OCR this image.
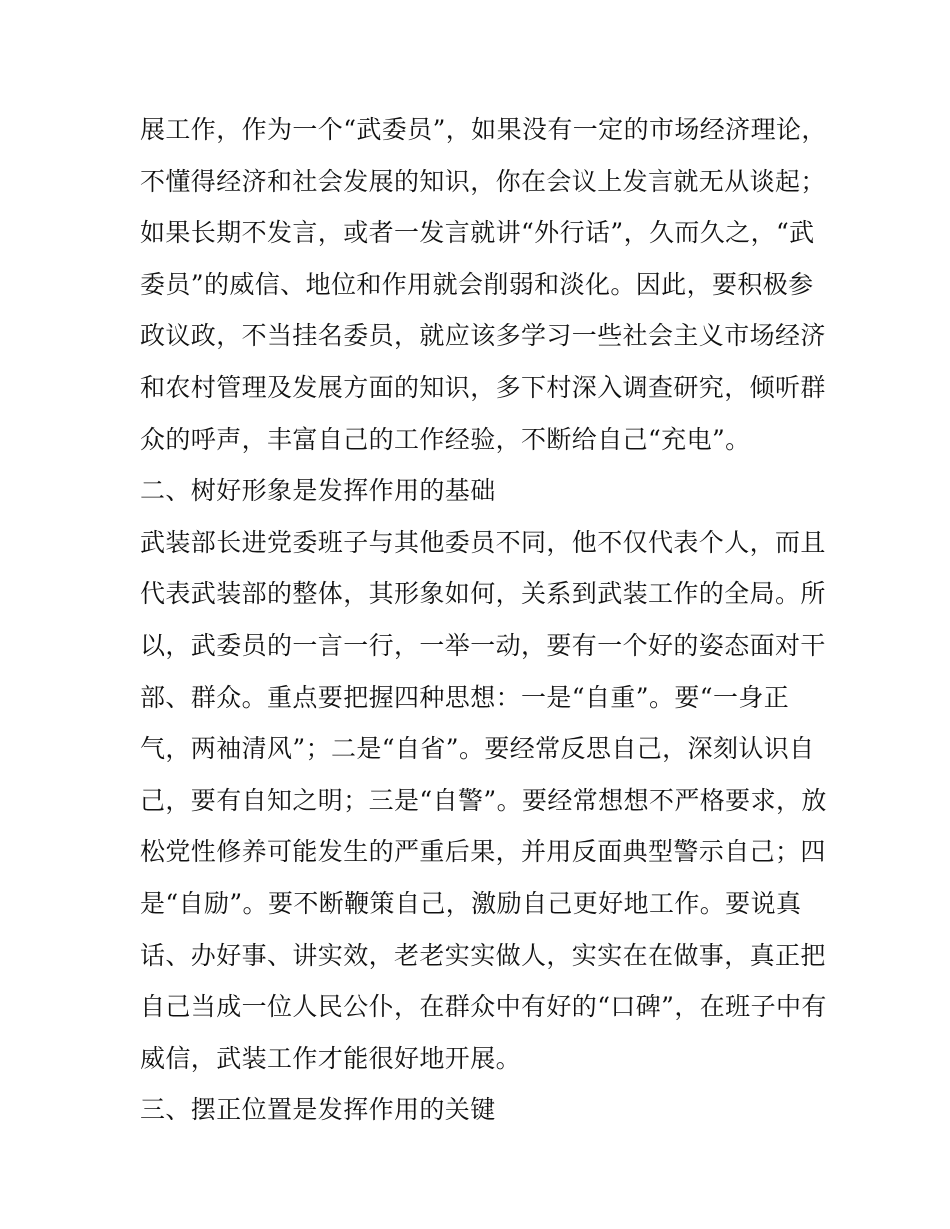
展工作，作为一个“武委员”，如果没有一定的市场经济理论，
不懂得经济和社会发展的知识，你在会议上发言就无从谈起；
如果长期不发言，或者一发言就讲“外行话”，久而久之，“武
委员”的威信、地位和作用就会削弱和淡化。因此，要积极参
政议政，不当挂名委员，就应该多学习一些社会主义市场经济
和农村管理及发展方面的知识，多下村深入调查研究，倾听群
众的呼声，丰富自己的工作经验，不断给自己“充电”。
二、树好形象是发挥作用的基础
武装部长进党委班子与其他委员不同，他不仅代表个人，而且
代表武装部的整体，其形象如何，关系到武装工作的全局。所
以，武委员的一言一行，一举一动，要有一个好的姿态面对干
部、群众。重点要把握四种思想：一是“自重”。要“一身正
气，两袖清风”；二是“自省”。要经常反思自己，深刻认识自
己，要有自知之明；三是“自警”。要经常想想不严格要求，放
松党性修养可能发生的严重后果，并用反面典型警示自己；四
是“自励”。要不断鞭策自己，激励自己更好地工作。要说真
话、办好事、讲实效，老老实实做人，实实在在做事，真正把
自己当成一位人民公仆，在群众中有好的“口碑”，在班子中有
威信，武装工作才能很好地开展。
三、摆正位置是发挥作用的关键
